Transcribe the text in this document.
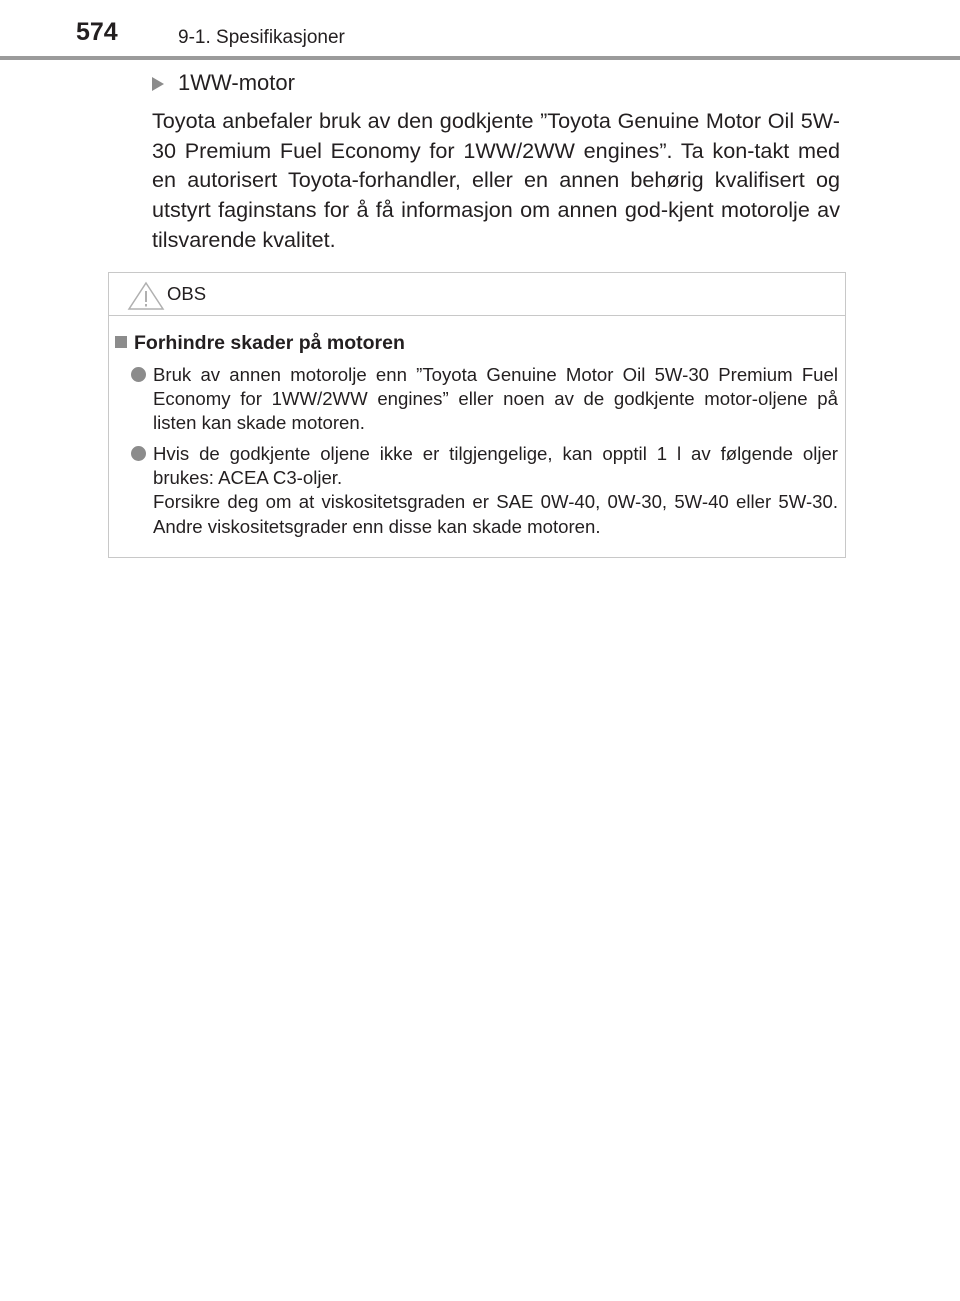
574	9-1. Spesifikasjoner
1WW-motor
Toyota anbefaler bruk av den godkjente ”Toyota Genuine Motor Oil 5W-30 Premium Fuel Economy for 1WW/2WW engines”. Ta kon-takt med en autorisert Toyota-forhandler, eller en annen behørig kvalifisert og utstyrt faginstans for å få informasjon om annen god-kjent motorolje av tilsvarende kvalitet.
OBS
Forhindre skader på motoren
Bruk av annen motorolje enn ”Toyota Genuine Motor Oil 5W-30 Premium Fuel Economy for 1WW/2WW engines” eller noen av de godkjente motor-oljene på listen kan skade motoren.
Hvis de godkjente oljene ikke er tilgjengelige, kan opptil 1 l av følgende oljer brukes: ACEA C3-oljer.
Forsikre deg om at viskositetsgraden er SAE 0W-40, 0W-30, 5W-40 eller 5W-30. Andre viskositetsgrader enn disse kan skade motoren.
